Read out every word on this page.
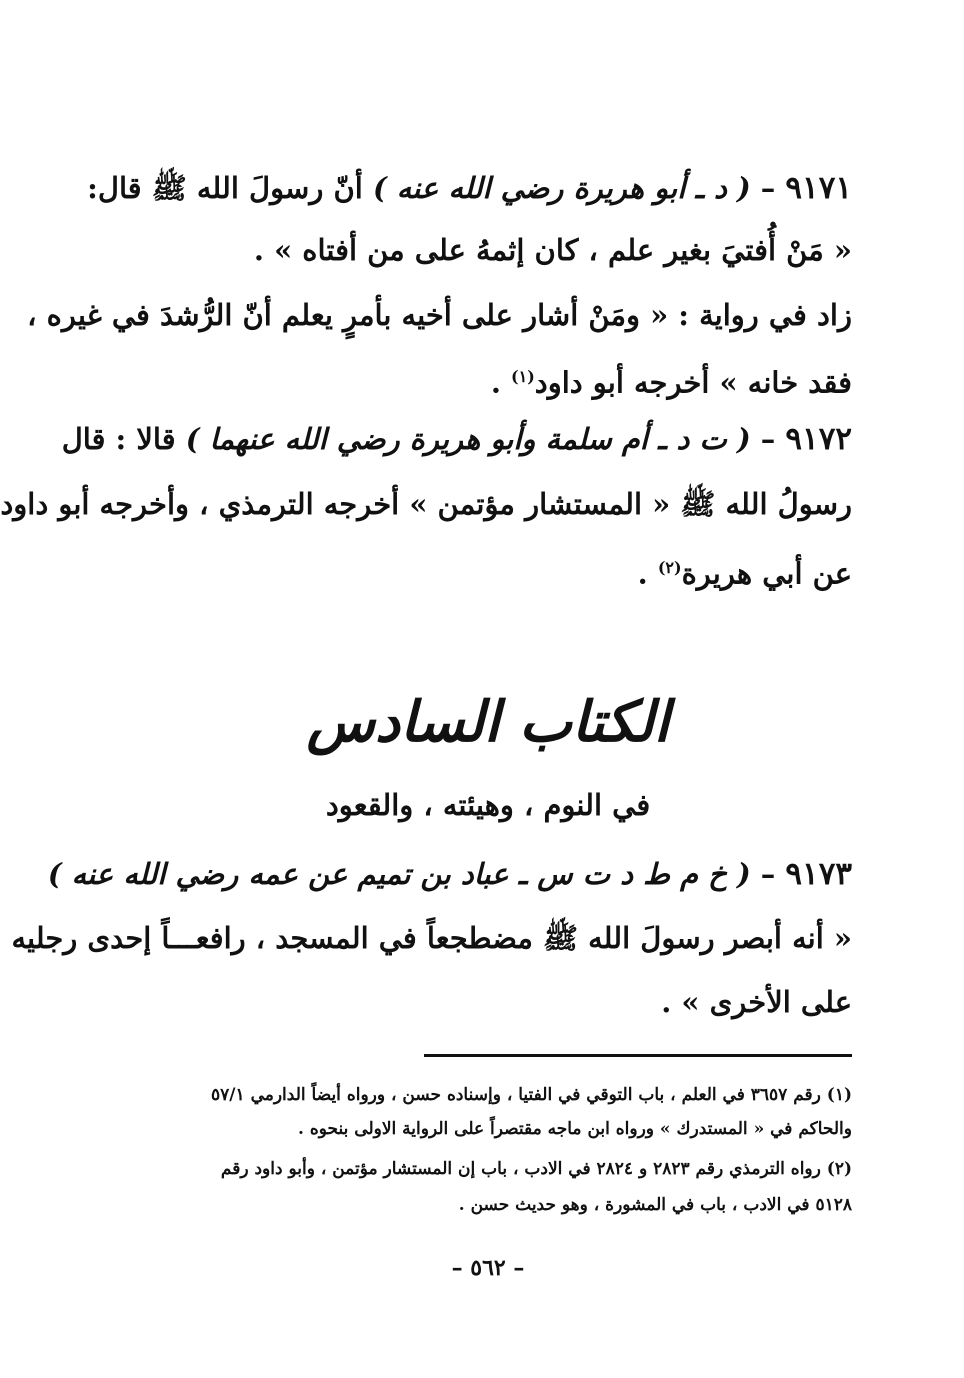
٩١٧١ – ( د ـ أبو هريرة رضي الله عنه ) أنّ رسولَ الله ﷺ قال:
« مَنْ أُفتيَ بغير علم ، كان إثمهُ على من أفتاه » .
زاد في رواية : « ومَنْ أشار على أخيه بأمرٍ يعلم أنّ الرُّشدَ في غيره ،
فقد خانه » أخرجه أبو داود$^{(١)}$ .
٩١٧٢ – ( ت د ـ أم سلمة وأبو هريرة رضي الله عنهما ) قالا : قال
رسولُ الله ﷺ « المستشار مؤتمن » أخرجه الترمذي ، وأخرجه أبو داود
عن أبي هريرة$^{(٢)}$ .
الكتاب السادس
في النوم ، وهيئته ، والقعود
٩١٧٣ – ( خ م ط د ت س ـ عباد بن تميم عن عمه رضي الله عنه )
« أنه أبصر رسولَ الله ﷺ مضطجعاً في المسجد ، رافعـــاً إحدى رجليه
على الأخرى » .
(١) رقم ٣٦٥٧ في العلم ، باب التوقي في الفتيا ، وإسناده حسن ، ورواه أيضاً الدارمي ٥٧/١
والحاكم في « المستدرك » ورواه ابن ماجه مقتصراً على الرواية الاولى بنحوه .
(٢) رواه الترمذي رقم ٢٨٢٣ و ٢٨٢٤ في الادب ، باب إن المستشار مؤتمن ، وأبو داود رقم
٥١٢٨ في الادب ، باب في المشورة ، وهو حديث حسن .
– ٥٦٢ –
